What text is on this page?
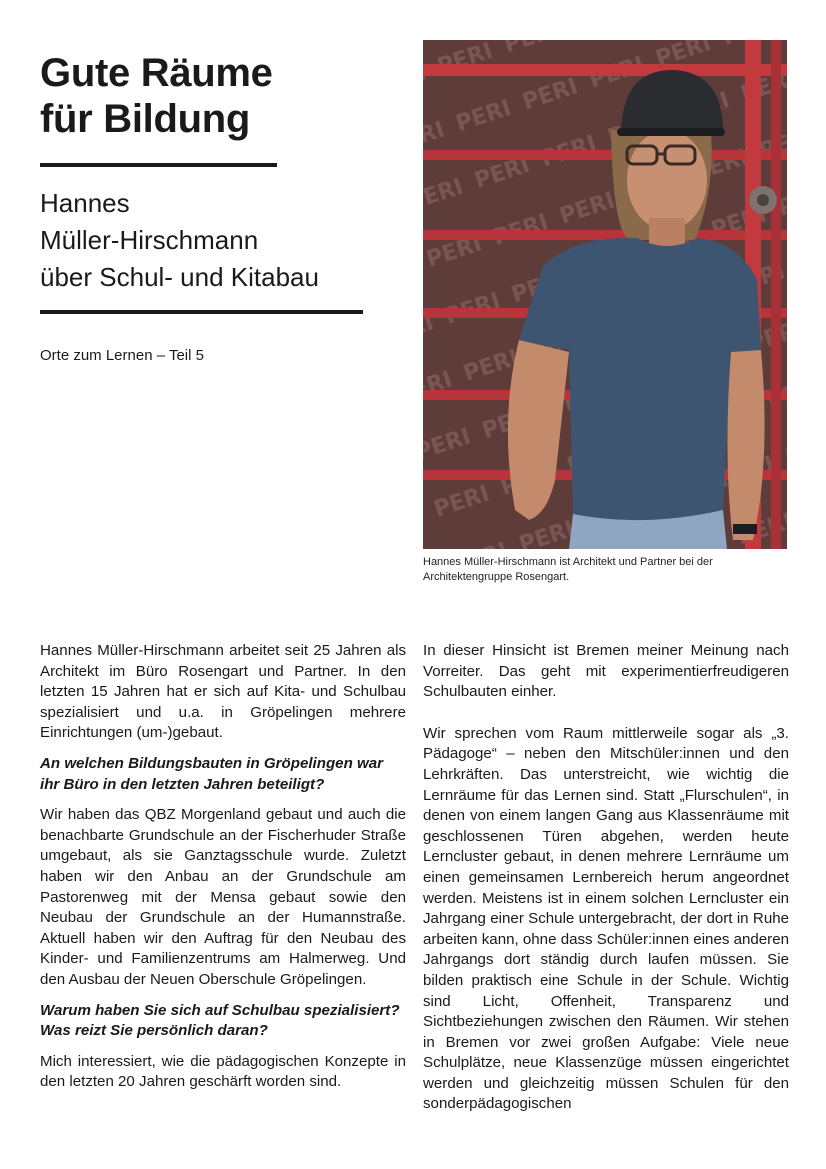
Gute Räume
für Bildung
Hannes
Müller-Hirschmann
über Schul- und Kitabau
Orte zum Lernen – Teil 5
Hannes Müller-Hirschmann ist Architekt und Partner bei der Architektengruppe Rosengart.

Hannes Müller-Hirschmann arbeitet seit 25 Jahren als Architekt im Büro Rosengart und Partner. In den letzten 15 Jahren hat er sich auf Kita- und Schulbau spezialisiert und u.a. in Gröpelingen mehrere Einrichtungen (um-)gebaut.

An welchen Bildungsbauten in Gröpelingen war ihr Büro in den letzten Jahren beteiligt?

Wir haben das QBZ Morgenland gebaut und auch die benachbarte Grundschule an der Fischerhuder Straße umgebaut, als sie Ganztagsschule wurde. Zuletzt haben wir den Anbau an der Grundschule am Pastorenweg mit der Mensa gebaut sowie den Neubau der Grundschule an der Humannstraße. Aktuell haben wir den Auftrag für den Neubau des Kinder- und Familienzentrums am Halmerweg. Und den Ausbau der Neuen Oberschule Gröpelingen.

Warum haben Sie sich auf Schulbau spezialisiert? Was reizt Sie persönlich daran?

Mich interessiert, wie die pädagogischen Konzepte in den letzten 20 Jahren geschärft worden sind.

In dieser Hinsicht ist Bremen meiner Meinung nach Vorreiter. Das geht mit experimentierfreudigeren Schulbauten einher.

Wir sprechen vom Raum mittlerweile sogar als „3. Pädagoge“ – neben den Mitschüler:innen und den Lehrkräften. Das unterstreicht, wie wichtig die Lernräume für das Lernen sind. Statt „Flurschulen“, in denen von einem langen Gang aus Klassenräume mit geschlossenen Türen abgehen, werden heute Lerncluster gebaut, in denen mehrere Lernräume um einen gemeinsamen Lernbereich herum angeordnet werden. Meistens ist in einem solchen Lerncluster ein Jahrgang einer Schule untergebracht, der dort in Ruhe arbeiten kann, ohne dass Schüler:innen eines anderen Jahrgangs dort ständig durch laufen müssen. Sie bilden praktisch eine Schule in der Schule. Wichtig sind Licht, Offenheit, Transparenz und Sichtbeziehungen zwischen den Räumen. Wir stehen in Bremen vor zwei großen Aufgabe: Viele neue Schulplätze, neue Klassenzüge müssen eingerichtet werden und gleichzeitig müssen Schulen für den sonderpädagogischen
